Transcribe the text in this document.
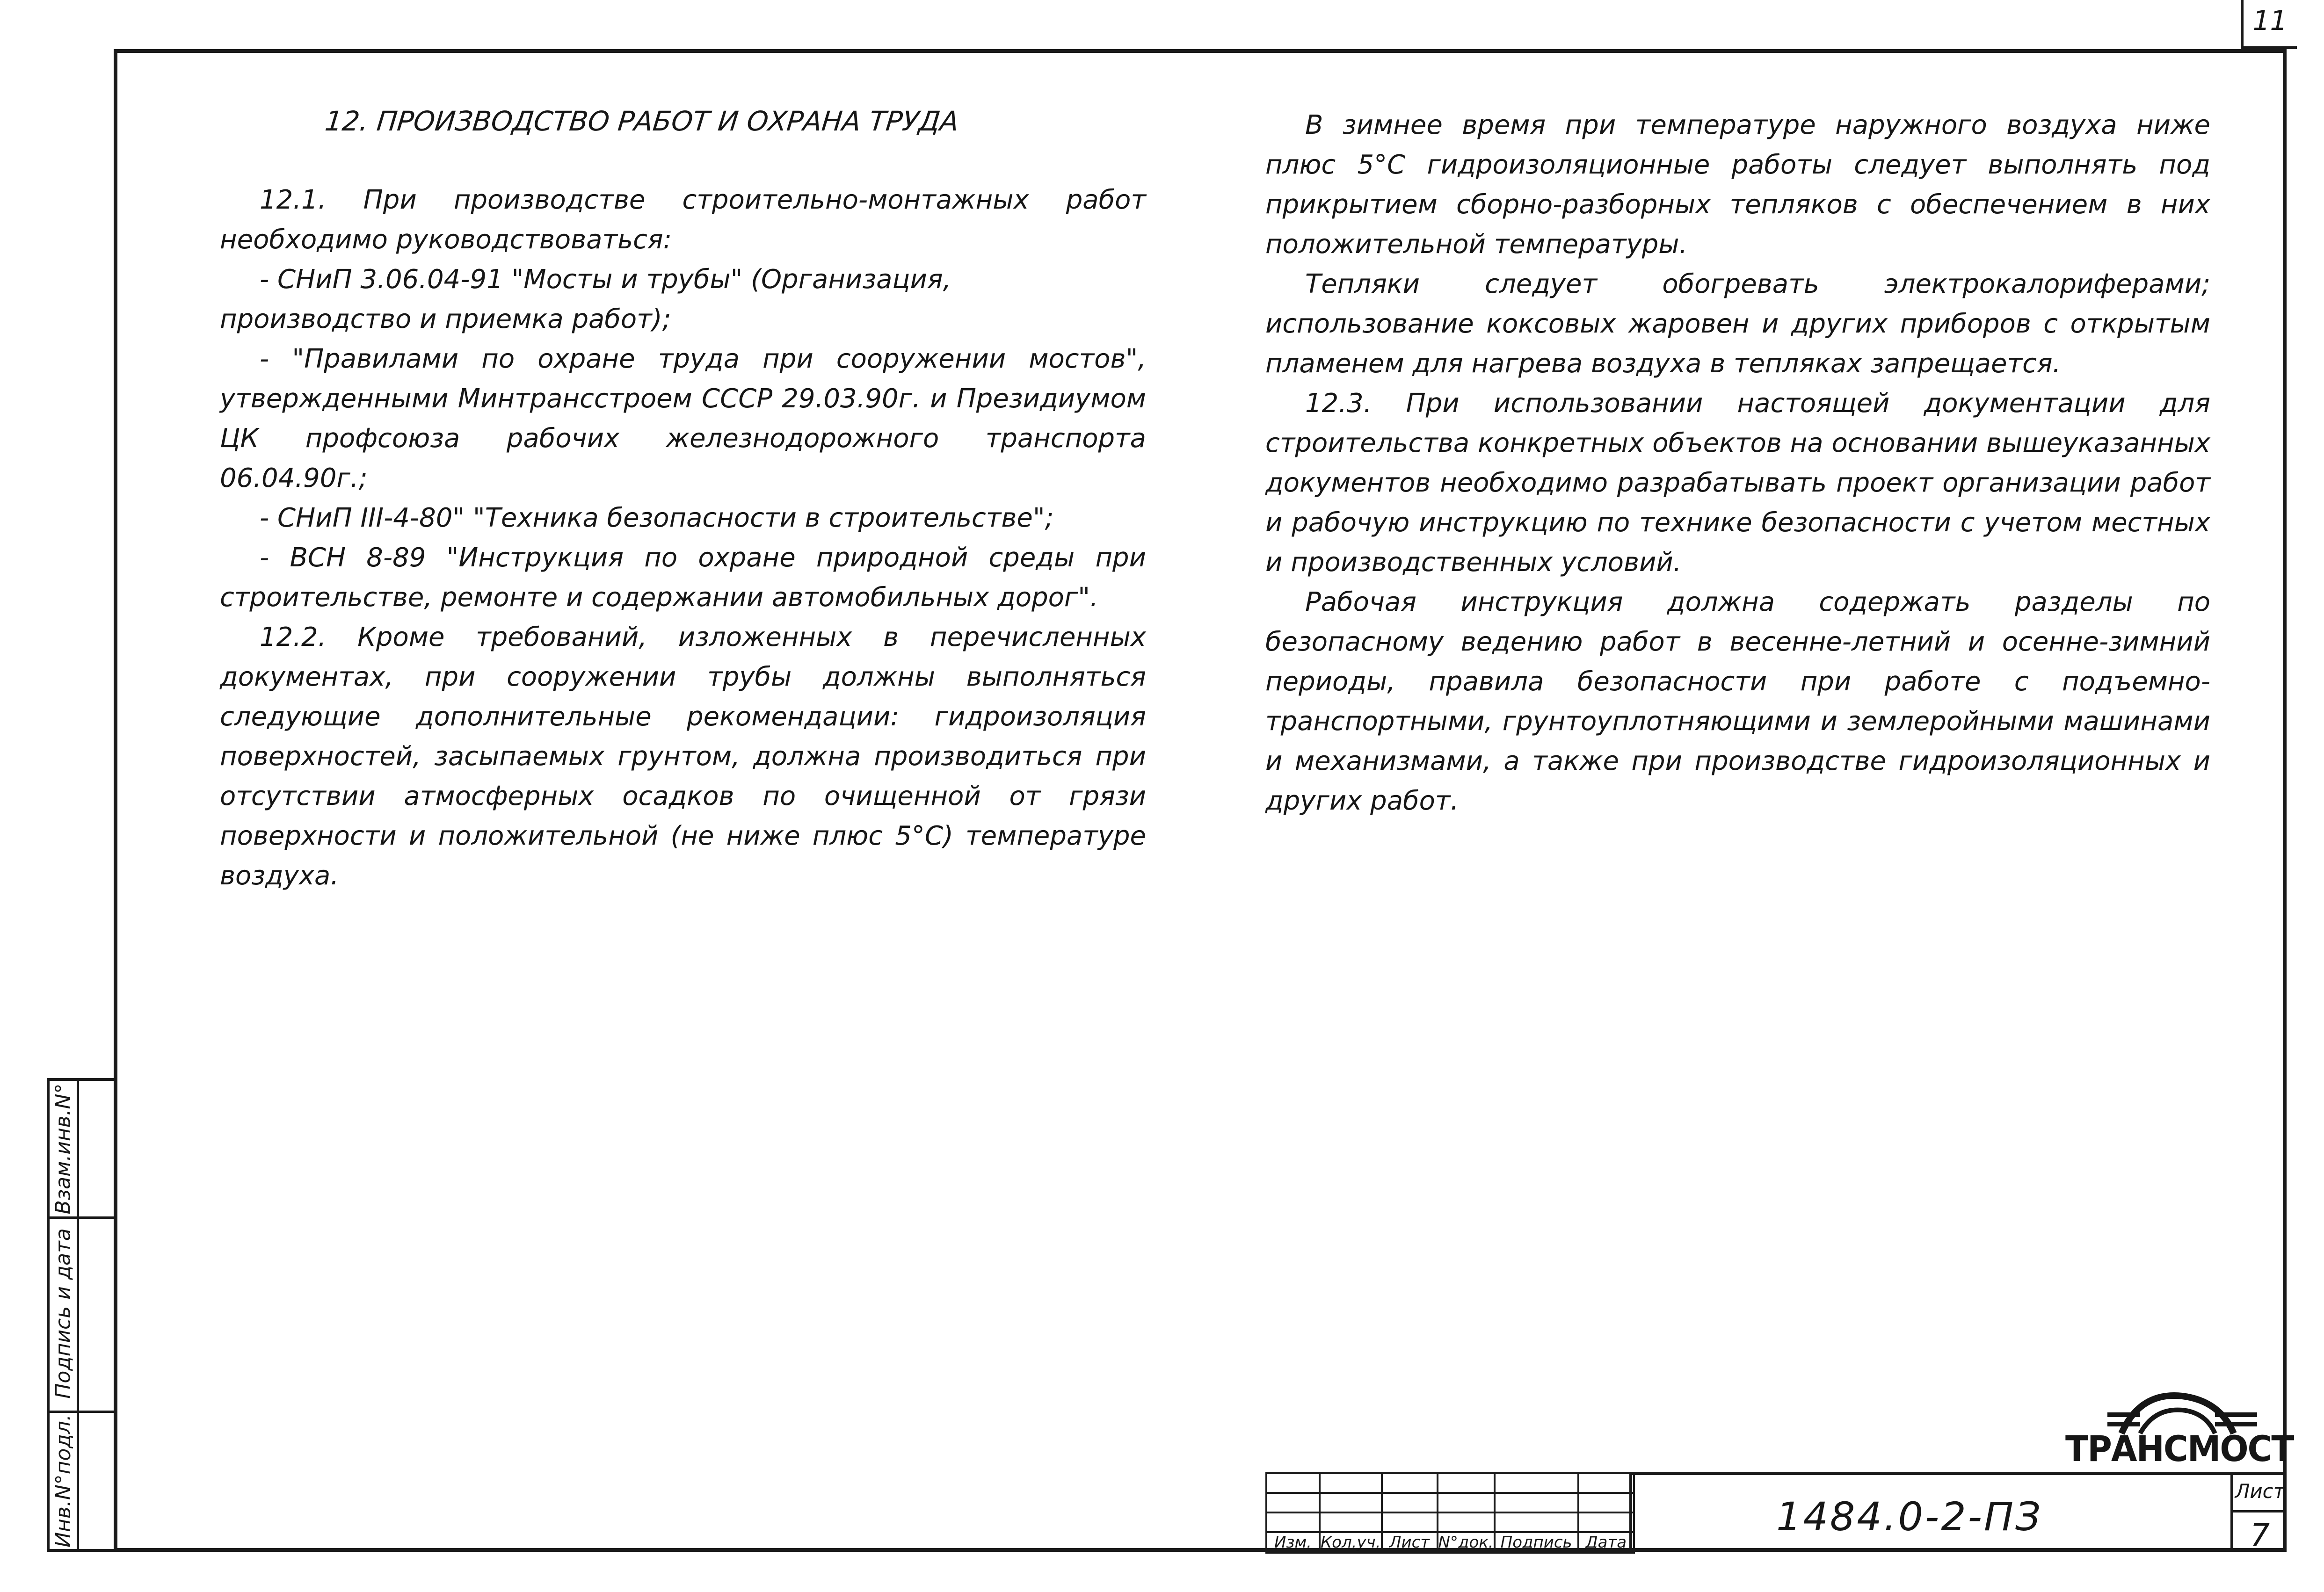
11
12. ПРОИЗВОДСТВО РАБОТ И ОХРАНА ТРУДА

12.1. При производстве строительно-монтажных работ необходимо руководствоваться:

- СНиП 3.06.04-91 "Мосты и трубы" (Организация, производство и приемка работ);

- "Правилами по охране труда при сооружении мостов", утвержденными Минтрансстроем СССР 29.03.90г. и Президиумом ЦК профсоюза рабочих железнодорожного транспорта 06.04.90г.;

- СНиП III-4-80" "Техника безопасности в строительстве";

- ВСН 8-89 "Инструкция по охране природной среды при строительстве, ремонте и содержании автомобильных дорог".

12.2. Кроме требований, изложенных в перечисленных документах, при сооружении трубы должны выполняться следующие дополнительные рекомендации: гидроизоляция поверхностей, засыпаемых грунтом, должна производиться при отсутствии атмосферных осадков по очищенной от грязи поверхности и положительной (не ниже плюс 5°С) температуре воздуха.

В зимнее время при температуре наружного воздуха ниже плюс 5°С гидроизоляционные работы следует выполнять под прикрытием сборно-разборных тепляков с обеспечением в них положительной температуры.

Тепляки следует обогревать электрокалориферами; использование коксовых жаровен и других приборов с открытым пламенем для нагрева воздуха в тепляках запрещается.

12.3. При использовании настоящей документации для строительства конкретных объектов на основании вышеуказанных документов необходимо разрабатывать проект организации работ и рабочую инструкцию по технике безопасности с учетом местных и производственных условий.

Рабочая инструкция должна содержать разделы по безопасному ведению работ в весенне-летний и осенне-зимний периоды, правила безопасности при работе с подъемно-транспортными, грунтоуплотняющими и землеройными машинами и механизмами, а также при производстве гидроизоляционных и других работ.

Взам.инв.N°
Подпись и дата
Инв.N°подл.	ТРАНСМОСТ

Изм.	Кол.уч.	Лист	N°док.	Подпись	Дата
1484.0-2-ПЗ
Лист
7
